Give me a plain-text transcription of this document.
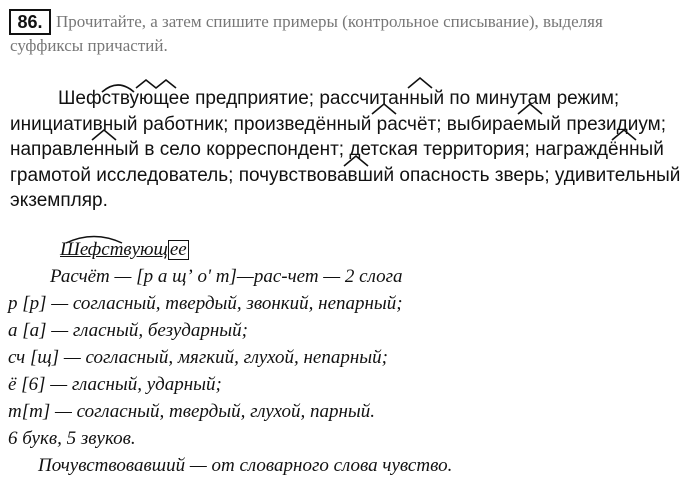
86. Прочитайте, а затем спишите примеры (контрольное списывание), выделяя
суффиксы причастий.
Шефствующее предприятие; рассчитанный по минутам режим;
инициативный работник; произведённый расчёт; выбираемый президиум;
направленный в село корреспондент; детская территория; награждённый
грамотой исследователь; почувствовавший опасность зверь; удивительный
экземпляр.
Шефствующ ее
Расчёт — [р а щʼ о' т]—рас-чет — 2 слога
р [р] — согласный, твердый, звонкий, непарный;
а [а] — гласный, безударный;
сч [щ] — согласный, мягкий, глухой, непарный;
ё [6] — гласный, ударный;
т[т] — согласный, твердый, глухой, парный.
6 букв, 5 звуков.
Почувствовавший — от словарного слова чувство.
